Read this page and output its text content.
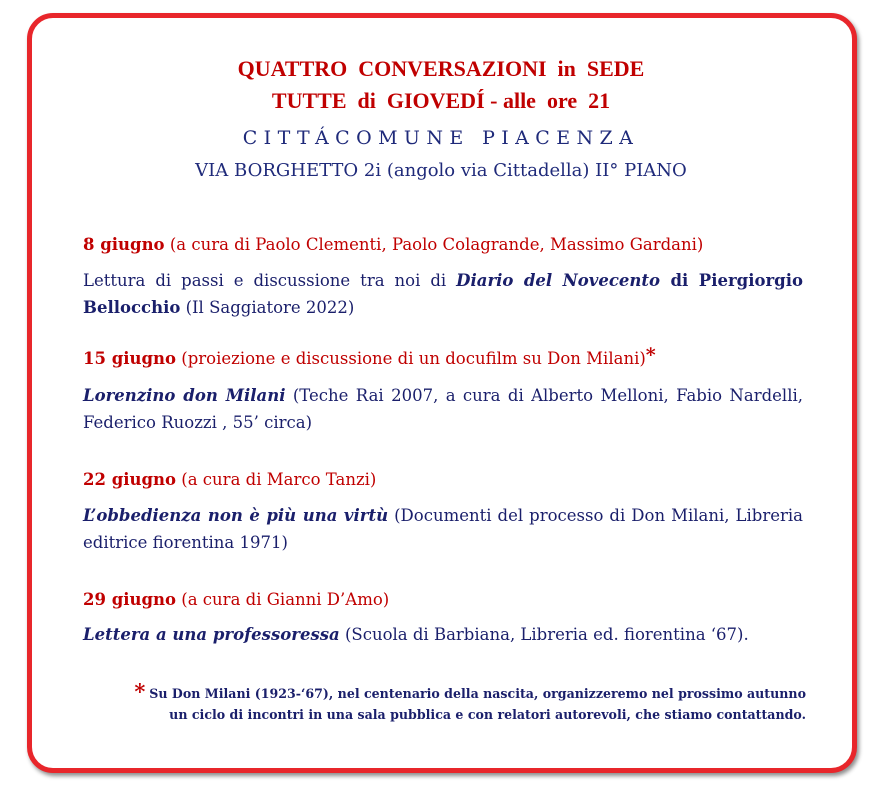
QUATTRO  CONVERSAZIONI  in  SEDE
TUTTE  di  GIOVEDÍ - alle  ore  21
CITTÁCOMUNE PIACENZA
VIA BORGHETTO 2i (angolo via Cittadella) II° PIANO
8 giugno (a cura di Paolo Clementi, Paolo Colagrande, Massimo Gardani)
Lettura di passi e discussione tra noi di Diario del Novecento di Piergiorgio Bellocchio (Il Saggiatore 2022)
15 giugno (proiezione e discussione di un docufilm su Don Milani)*
Lorenzino don Milani (Teche Rai 2007, a cura di Alberto Melloni, Fabio Nardelli, Federico Ruozzi , 55’ circa)
22 giugno (a cura di Marco Tanzi)
L’obbedienza non è più una virtù (Documenti del processo di Don Milani, Libreria editrice fiorentina 1971)
29 giugno (a cura di Gianni D’Amo)
Lettera a una professoressa (Scuola di Barbiana, Libreria ed. fiorentina ‘67).
* Su Don Milani (1923-‘67), nel centenario della nascita, organizzeremo nel prossimo autunno
un ciclo di incontri in una sala pubblica e con relatori autorevoli, che stiamo contattando.
